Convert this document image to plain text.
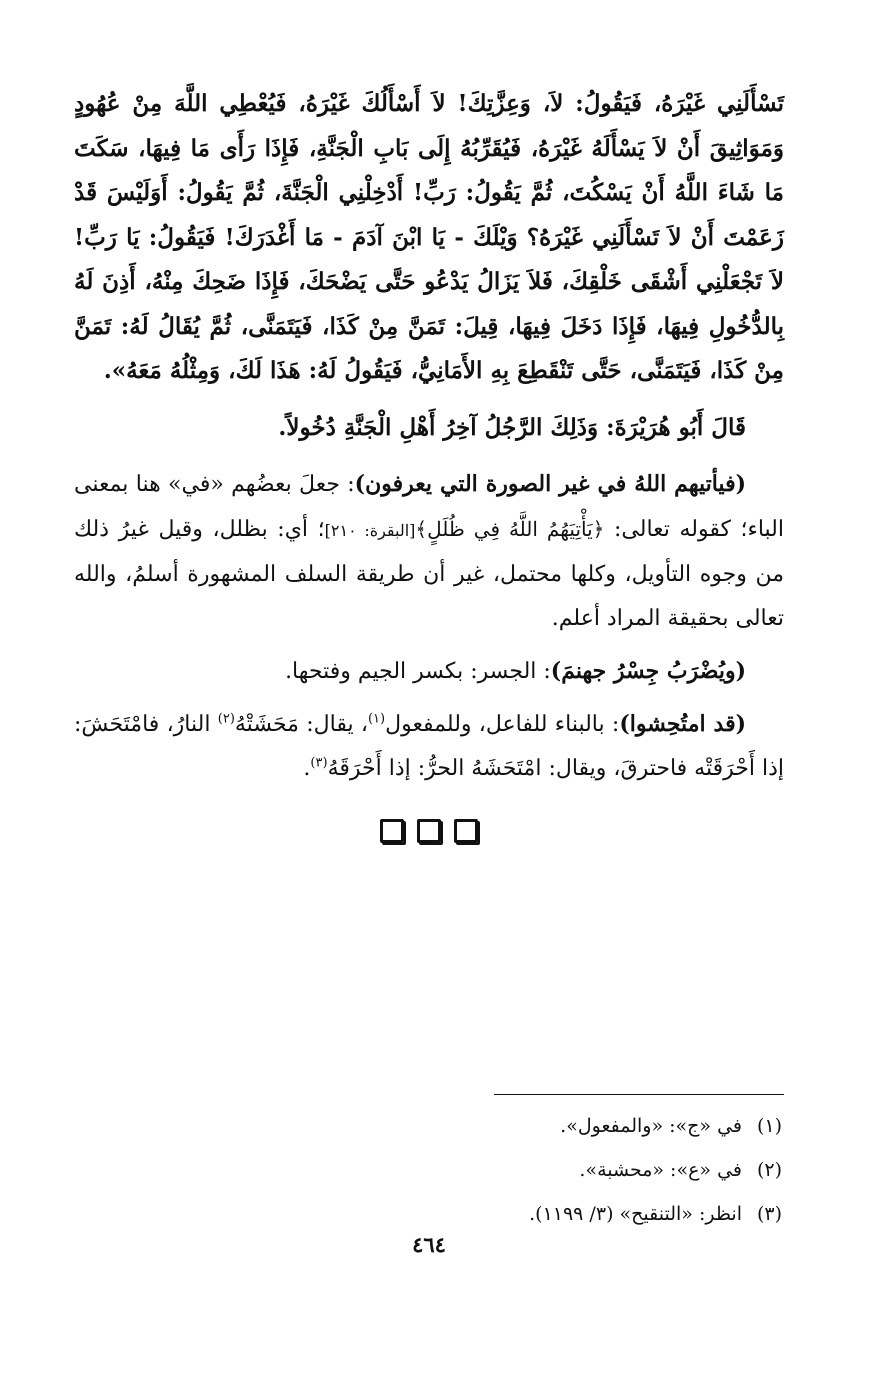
تَسْأَلَنِي غَيْرَهُ، فَيَقُولُ: لاَ، وَعِزَّتِكَ! لاَ أَسْأَلُكَ غَيْرَهُ، فَيُعْطِي اللَّهَ مِنْ عُهُودٍ وَمَوَاثِيقَ أَنْ لاَ يَسْأَلَهُ غَيْرَهُ، فَيُقَرِّبُهُ إِلَى بَابِ الْجَنَّةِ، فَإِذَا رَأَى مَا فِيهَا، سَكَتَ مَا شَاءَ اللَّهُ أَنْ يَسْكُتَ، ثُمَّ يَقُولُ: رَبِّ! أَدْخِلْنِي الْجَنَّةَ، ثُمَّ يَقُولُ: أَوَلَيْسَ قَدْ زَعَمْتَ أَنْ لاَ تَسْأَلَنِي غَيْرَهُ؟ وَيْلَكَ - يَا ابْنَ آدَمَ - مَا أَغْدَرَكَ! فَيَقُولُ: يَا رَبِّ! لاَ تَجْعَلْنِي أَشْقَى خَلْقِكَ، فَلاَ يَزَالُ يَدْعُو حَتَّى يَضْحَكَ، فَإِذَا ضَحِكَ مِنْهُ، أَذِنَ لَهُ بِالدُّخُولِ فِيهَا، فَإِذَا دَخَلَ فِيهَا، قِيلَ: تَمَنَّ مِنْ كَذَا، فَيَتَمَنَّى، ثُمَّ يُقَالُ لَهُ: تَمَنَّ مِنْ كَذَا، فَيَتَمَنَّى، حَتَّى تَنْقَطِعَ بِهِ الأَمَانِيُّ، فَيَقُولُ لَهُ: هَذَا لَكَ، وَمِثْلُهُ مَعَهُ».

قَالَ أَبُو هُرَيْرَةَ: وَذَلِكَ الرَّجُلُ آخِرُ أَهْلِ الْجَنَّةِ دُخُولاً.

(فيأتيهم اللهُ في غير الصورة التي يعرفون): جعلَ بعضُهم «في» هنا بمعنى الباء؛ كقوله تعالى: ﴿يَأْتِيَهُمُ اللَّهُ فِي ظُلَلٍ﴾[البقرة: ٢١٠]؛ أي: بظلل، وقيل غيرُ ذلك من وجوه التأويل، وكلها محتمل، غير أن طريقة السلف المشهورة أسلمُ، والله تعالى بحقيقة المراد أعلم.

(ويُضْرَبُ جِسْرُ جهنمَ): الجسر: بكسر الجيم وفتحها.

(قد امتُحِشوا): بالبناء للفاعل، وللمفعول$^{(١)}$، يقال: مَحَشَتْهُ$^{(٢)}$ النارُ، فامْتَحَشَ: إذا أَحْرَقَتْه فاحترقَ، ويقال: امْتَحَشَهُ الحرُّ: إذا أَحْرَقَهُ$^{(٣)}$.

(١)في «ج»: «والمفعول».

(٢)في «ع»: «محشبة».

(٣)انظر: «التنقيح» (٣/ ١١٩٩).

٤٦٤
